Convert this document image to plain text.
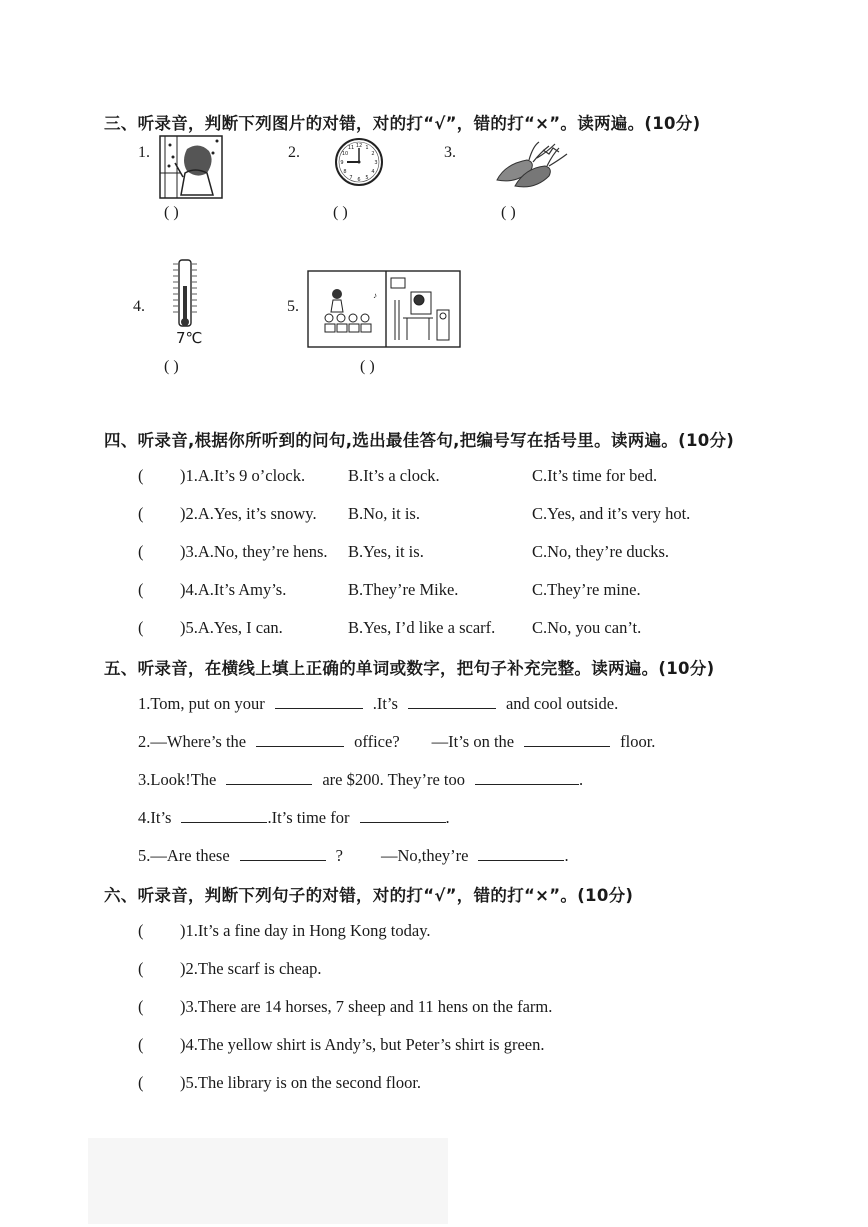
三、听录音，判断下列图片的对错，对的打“√”，错的打“×”。读两遍。(10分)
1.
( )
2.	12 1
2
3
4
5
6
7
8
9
10
11
( )
3.
( )
4.
7℃
( )
5.
♪
( )
四、听录音,根据你所听到的问句,选出最佳答句,把编号写在括号里。读两遍。(10分)
( )1.A.It’s 9 o’clock.	B.It’s a clock.	C.It’s time for bed.
( )2.A.Yes, it’s snowy. B.No, it is.	C.Yes, and it’s very hot.
( )3.A.No, they’re hens. B.Yes, it is.	C.No, they’re ducks.
( )4.A.It’s Amy’s.	B.They’re Mike.	C.They’re mine.
( )5.A.Yes, I can.	B.Yes, I’d like a scarf. C.No, you can’t.
五、听录音，在横线上填上正确的单词或数字，把句子补充完整。读两遍。(10分)
1.Tom, put on your	.It’s	and cool outside.
2.—Where’s the	office? —It’s on the	floor.
3.Look!The	are $200. They’re too	.
4.It’s	.It’s time for	.
5.—Are these	? —No,they’re	.
六、听录音，判断下列句子的对错，对的打“√”，错的打“×”。(10分)
( )1.It’s a fine day in Hong Kong today.
( )2.The scarf is cheap.
( )3.There are 14 horses, 7 sheep and 11 hens on the farm.
( )4.The yellow shirt is Andy’s, but Peter’s shirt is green.
( )5.The library is on the second floor.
